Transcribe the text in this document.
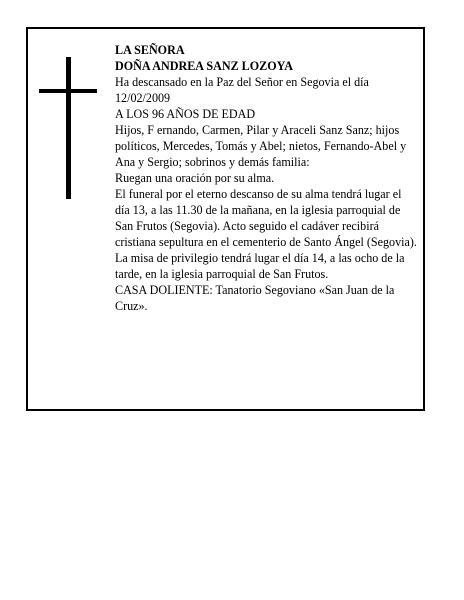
LA SEÑORA

DOÑA ANDREA SANZ LOZOYA

Ha descansado en la Paz del Señor en Segovia el día 12/02/2009

A LOS 96 AÑOS DE EDAD

Hijos, F ernando, Carmen, Pilar y Araceli Sanz Sanz; hijos políticos, Mercedes, Tomás y Abel; nietos, Fernando-Abel y Ana y Sergio; sobrinos y demás familia:

Ruegan una oración por su alma.

El funeral por el eterno descanso de su alma tendrá lugar el día 13, a las 11.30 de la mañana, en la iglesia parroquial de San Frutos (Segovia). Acto seguido el cadáver recibirá cristiana sepultura en el cementerio de Santo Ángel (Segovia). La misa de privilegio tendrá lugar el día 14, a las ocho de la tarde, en la iglesia parroquial de San Frutos.

CASA DOLIENTE: Tanatorio Segoviano «San Juan de la Cruz».
